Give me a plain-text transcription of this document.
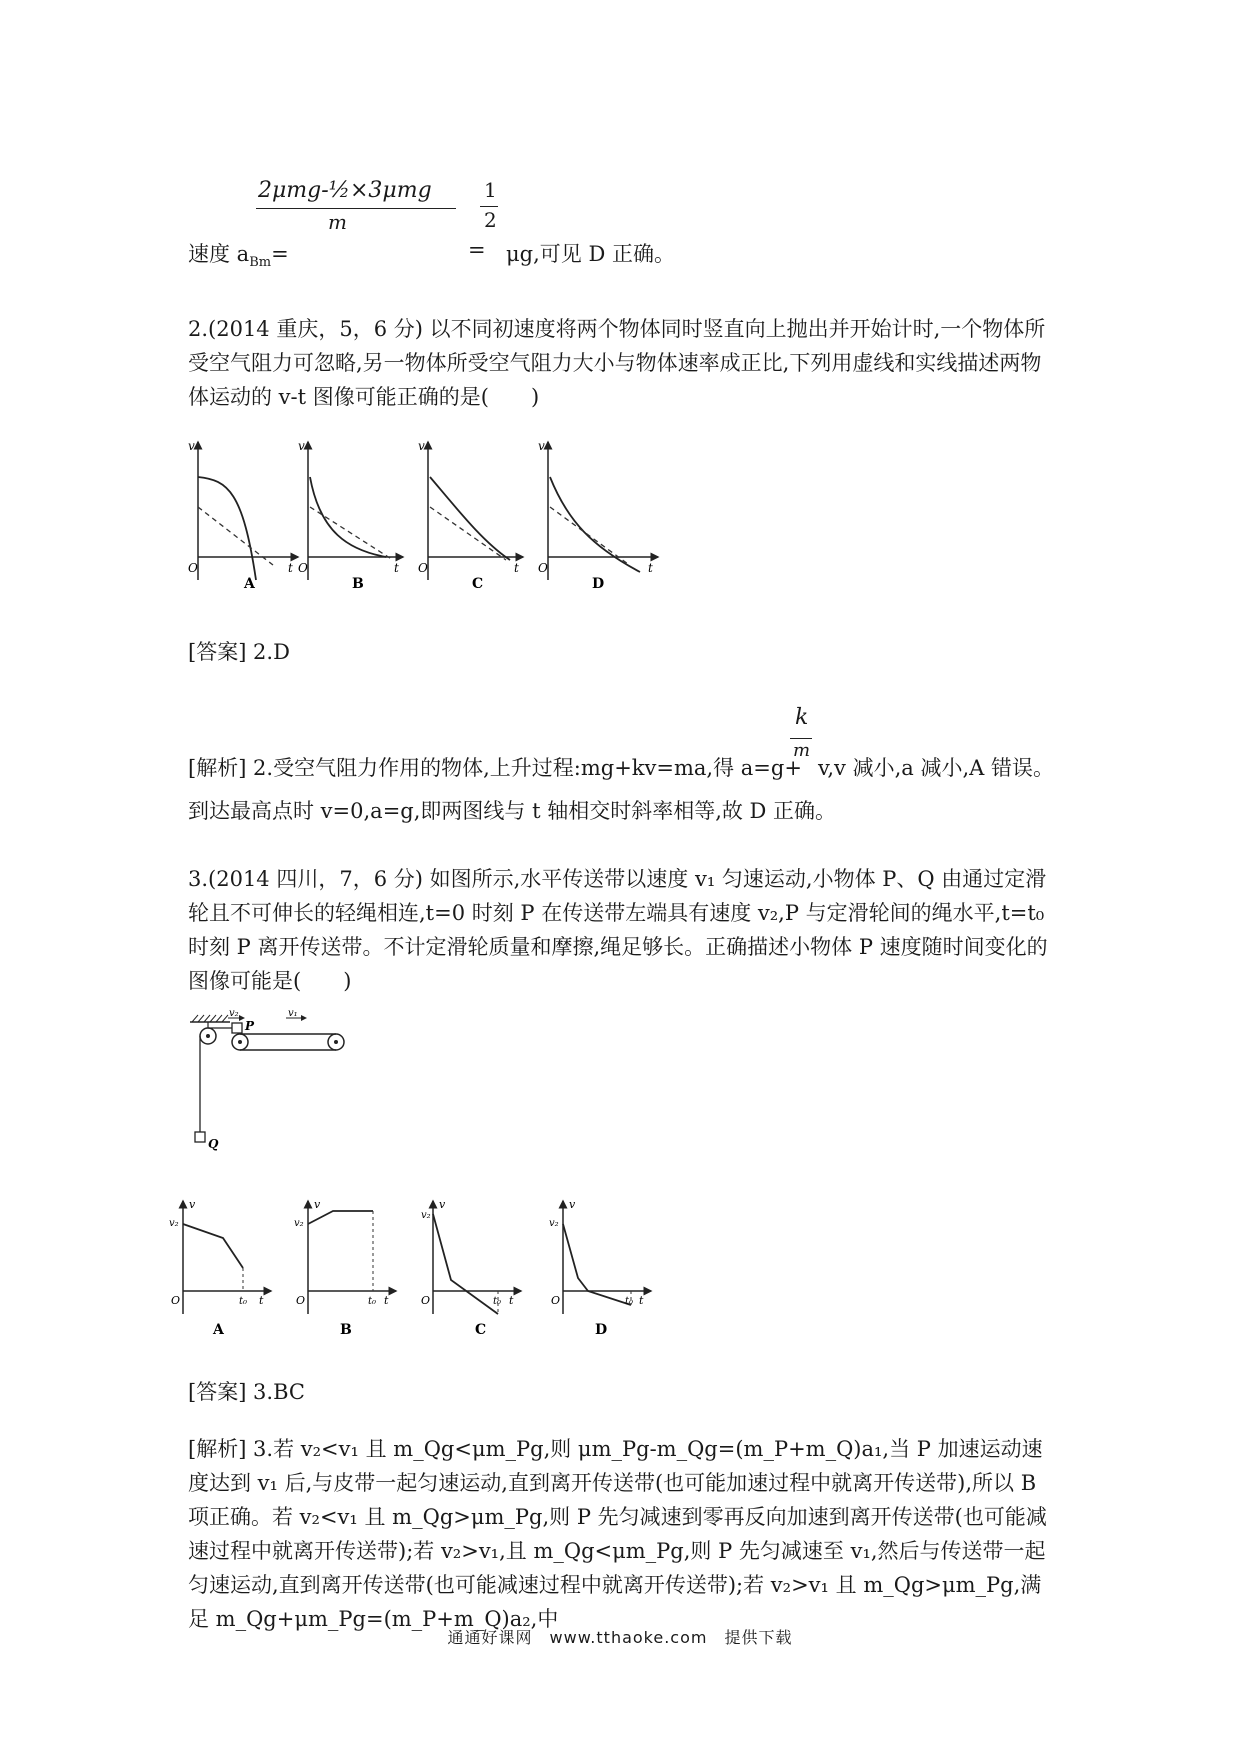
2μmg-½×3μmg
m
1
2
速度 $a_{Bm}=$	= μg,可见 D 正确。
2.(2014 重庆，5，6 分) 以不同初速度将两个物体同时竖直向上抛出并开始计时,一个物体所受空气阻力可忽略,另一物体所受空气阻力大小与物体速率成正比,下列用虚线和实线描述两物体运动的 v-t 图像可能正确的是(　　)
v
O	t
A
v
O	t
B
v
O	t
C
v
O	t
D
[答案] 2.D
k
m
[解析] 2.受空气阻力作用的物体,上升过程:mg+kv=ma,得 a=g+ v,v 减小,a 减小,A 错误。
到达最高点时 v=0,a=g,即两图线与 t 轴相交时斜率相等,故 D 正确。
3.(2014 四川，7，6 分) 如图所示,水平传送带以速度 v₁ 匀速运动,小物体 P、Q 由通过定滑轮且不可伸长的轻绳相连,t=0 时刻 P 在传送带左端具有速度 v₂,P 与定滑轮间的绳水平,t=t₀ 时刻 P 离开传送带。不计定滑轮质量和摩擦,绳足够长。正确描述小物体 P 速度随时间变化的图像可能是(　　)
Q
P
v₂	v₁
v
v₂
O	t₀ t
A
v
v₂
O	t₀ t
B
v
v₂
O	t₀ t
C
v
v₂
O	t₀ t
D
[答案] 3.BC
[解析] 3.若 v₂<v₁ 且 m_Qg<μm_Pg,则 μm_Pg-m_Qg=(m_P+m_Q)a₁,当 P 加速运动速度达到 v₁ 后,与皮带一起匀速运动,直到离开传送带(也可能加速过程中就离开传送带),所以 B 项正确。若 v₂<v₁ 且 m_Qg>μm_Pg,则 P 先匀减速到零再反向加速到离开传送带(也可能减速过程中就离开传送带);若 v₂>v₁,且 m_Qg<μm_Pg,则 P 先匀减速至 v₁,然后与传送带一起匀速运动,直到离开传送带(也可能减速过程中就离开传送带);若 v₂>v₁ 且 m_Qg>μm_Pg,满足 m_Qg+μm_Pg=(m_P+m_Q)a₂,中
通通好课网　www.tthaoke.com　提供下载
